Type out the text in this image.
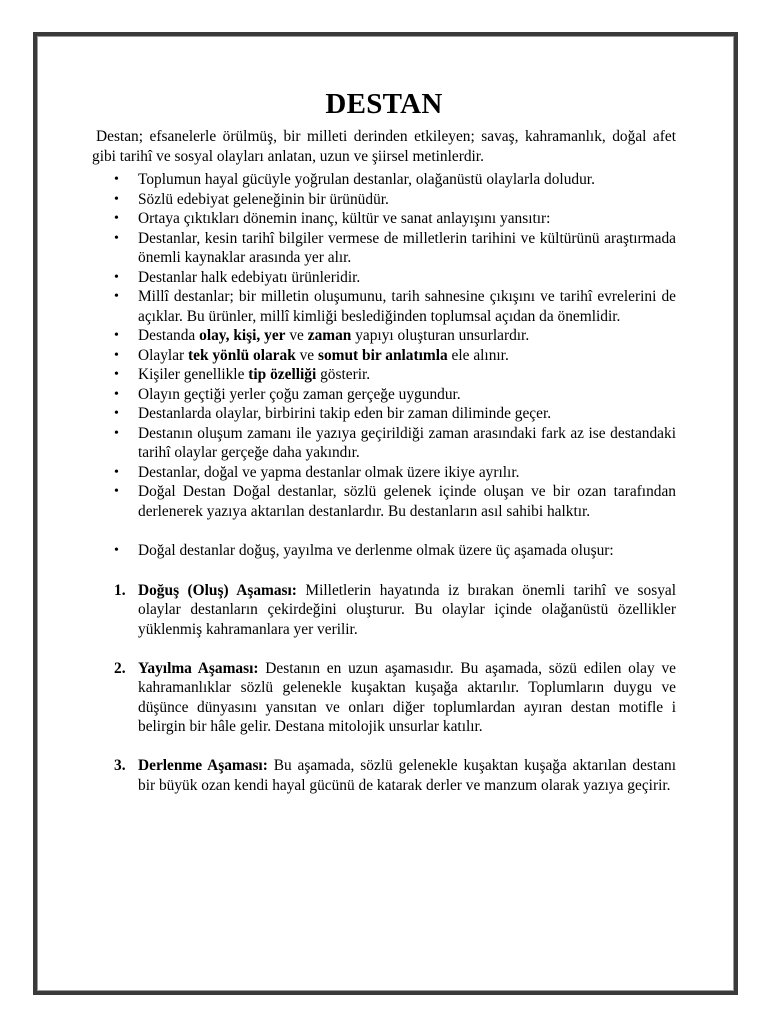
DESTAN
Destan; efsanelerle örülmüş, bir milleti derinden etkileyen; savaş, kahramanlık, doğal afet gibi tarihî ve sosyal olayları anlatan, uzun ve şiirsel metinlerdir.
• Toplumun hayal gücüyle yoğrulan destanlar, olağanüstü olaylarla doludur.
• Sözlü edebiyat geleneğinin bir ürünüdür.
• Ortaya çıktıkları dönemin inanç, kültür ve sanat anlayışını yansıtır:
• Destanlar, kesin tarihî bilgiler vermese de milletlerin tarihini ve kültürünü araştırmada önemli kaynaklar arasında yer alır.
• Destanlar halk edebiyatı ürünleridir.
• Millî destanlar; bir milletin oluşumunu, tarih sahnesine çıkışını ve tarihî evrelerini de açıklar. Bu ürünler, millî kimliği beslediğinden toplumsal açıdan da önemlidir.
• Destanda olay, kişi, yer ve zaman yapıyı oluşturan unsurlardır.
• Olaylar tek yönlü olarak ve somut bir anlatımla ele alınır.
• Kişiler genellikle tip özelliği gösterir.
• Olayın geçtiği yerler çoğu zaman gerçeğe uygundur.
• Destanlarda olaylar, birbirini takip eden bir zaman diliminde geçer.
• Destanın oluşum zamanı ile yazıya geçirildiği zaman arasındaki fark az ise destandaki tarihî olaylar gerçeğe daha yakındır.
• Destanlar, doğal ve yapma destanlar olmak üzere ikiye ayrılır.
• Doğal Destan Doğal destanlar, sözlü gelenek içinde oluşan ve bir ozan tarafından derlenerek yazıya aktarılan destanlardır. Bu destanların asıl sahibi halktır.
• Doğal destanlar doğuş, yayılma ve derlenme olmak üzere üç aşamada oluşur:
1. Doğuş (Oluş) Aşaması: Milletlerin hayatında iz bırakan önemli tarihî ve sosyal olaylar destanların çekirdeğini oluşturur. Bu olaylar içinde olağanüstü özellikler yüklenmiş kahramanlara yer verilir.
2. Yayılma Aşaması: Destanın en uzun aşamasıdır. Bu aşamada, sözü edilen olay ve kahramanlıklar sözlü gelenekle kuşaktan kuşağa aktarılır. Toplumların duygu ve düşünce dünyasını yansıtan ve onları diğer toplumlardan ayıran destan motifle i belirgin bir hâle gelir. Destana mitolojik unsurlar katılır.
3. Derlenme Aşaması: Bu aşamada, sözlü gelenekle kuşaktan kuşağa aktarılan destanı bir büyük ozan kendi hayal gücünü de katarak derler ve manzum olarak yazıya geçirir.
